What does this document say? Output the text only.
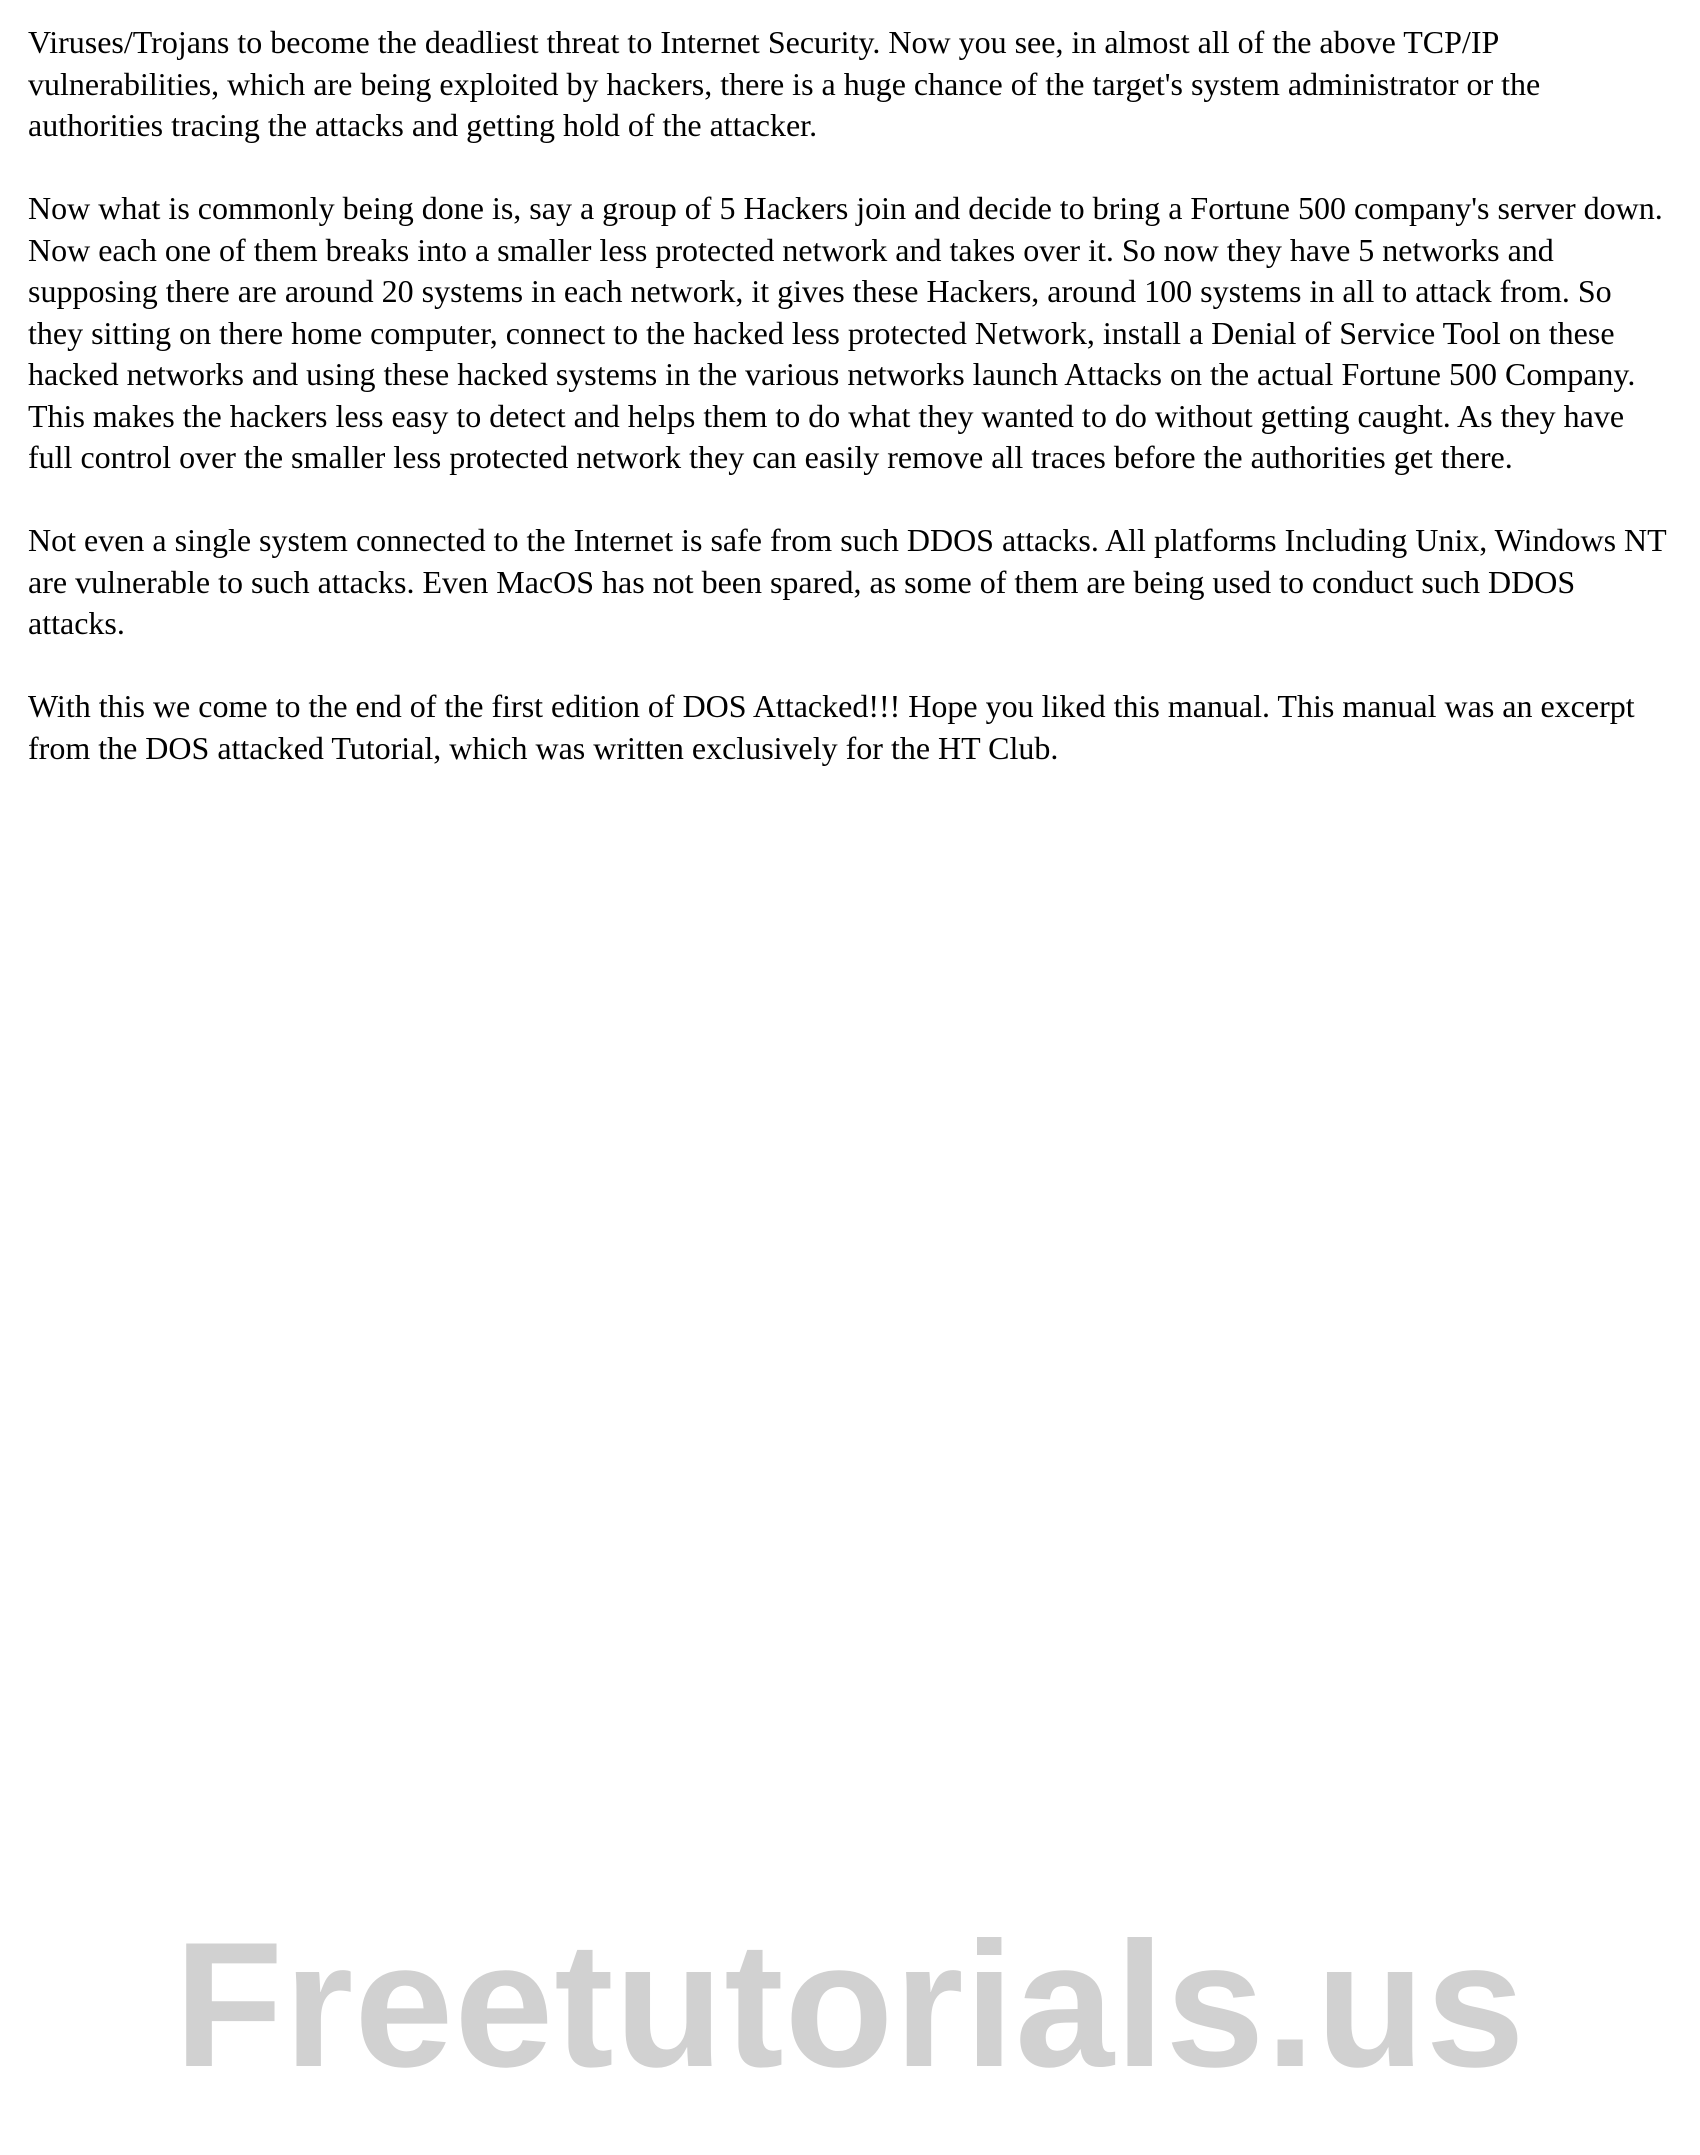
Viruses/Trojans to become the deadliest threat to Internet Security. Now you see, in almost all of the above TCP/IP vulnerabilities, which are being exploited by hackers, there is a huge chance of the target's system administrator or the authorities tracing the attacks and getting hold of the attacker.

Now what is commonly being done is, say a group of 5 Hackers join and decide to bring a Fortune 500 company's server down. Now each one of them breaks into a smaller less protected network and takes over it. So now they have 5 networks and supposing there are around 20 systems in each network, it gives these Hackers, around 100 systems in all to attack from. So they sitting on there home computer, connect to the hacked less protected Network, install a Denial of Service Tool on these hacked networks and using these hacked systems in the various networks launch Attacks on the actual Fortune 500 Company. This makes the hackers less easy to detect and helps them to do what they wanted to do without getting caught. As they have full control over the smaller less protected network they can easily remove all traces before the authorities get there.

Not even a single system connected to the Internet is safe from such DDOS attacks. All platforms Including Unix, Windows NT are vulnerable to such attacks. Even MacOS has not been spared, as some of them are being used to conduct such DDOS attacks.

With this we come to the end of the first edition of DOS Attacked!!! Hope you liked this manual. This manual was an excerpt from the DOS attacked Tutorial, which was written exclusively for the HT Club.

Freetutorials.us
